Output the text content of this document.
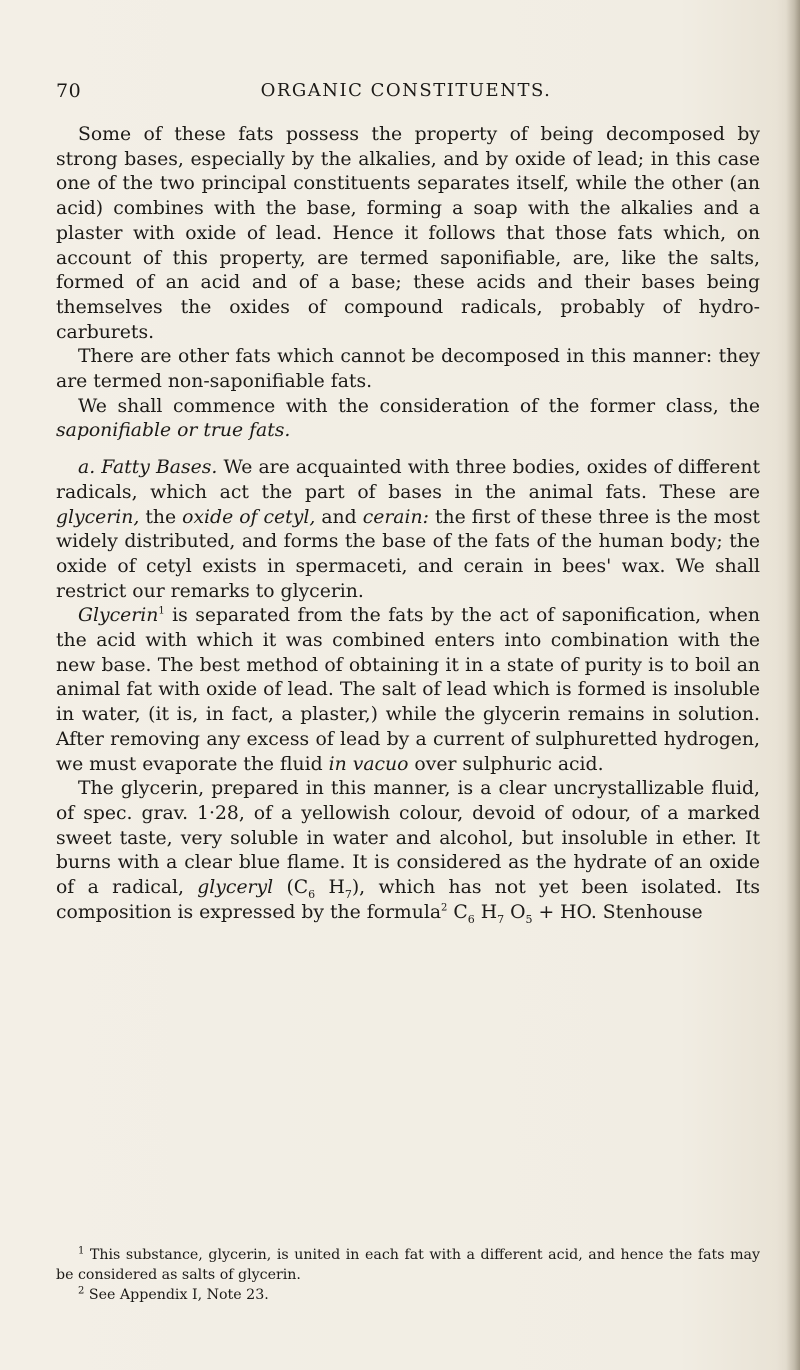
70	ORGANIC CONSTITUENTS.

Some of these fats possess the property of being decomposed by strong bases, especially by the alkalies, and by oxide of lead; in this case one of the two principal constituents separates itself, while the other (an acid) combines with the base, forming a soap with the alkalies and a plaster with oxide of lead. Hence it follows that those fats which, on account of this property, are termed saponifiable, are, like the salts, formed of an acid and of a base; these acids and their bases being themselves the oxides of compound radicals, probably of hydro-carburets.

There are other fats which cannot be decomposed in this manner: they are termed non-saponifiable fats.

We shall commence with the consideration of the former class, the saponifiable or true fats.

a. Fatty Bases. We are acquainted with three bodies, oxides of different radicals, which act the part of bases in the animal fats. These are glycerin, the oxide of cetyl, and cerain: the first of these three is the most widely distributed, and forms the base of the fats of the human body; the oxide of cetyl exists in spermaceti, and cerain in bees' wax. We shall restrict our remarks to glycerin.

Glycerin$^1$ is separated from the fats by the act of saponification, when the acid with which it was combined enters into combination with the new base. The best method of obtaining it in a state of purity is to boil an animal fat with oxide of lead. The salt of lead which is formed is insoluble in water, (it is, in fact, a plaster,) while the glycerin remains in solution. After removing any excess of lead by a current of sulphuretted hydrogen, we must evaporate the fluid in vacuo over sulphuric acid.

The glycerin, prepared in this manner, is a clear uncrystallizable fluid, of spec. grav. 1·28, of a yellowish colour, devoid of odour, of a marked sweet taste, very soluble in water and alcohol, but insoluble in ether. It burns with a clear blue flame. It is considered as the hydrate of an oxide of a radical, glyceryl ($C_6$ $H_7$), which has not yet been isolated. Its composition is expressed by the formula$^2$ $C_6$ $H_7$ $O_5$ + HO. Stenhouse

$^1$ This substance, glycerin, is united in each fat with a different acid, and hence the fats may be considered as salts of glycerin.

$^2$ See Appendix I, Note 23.
